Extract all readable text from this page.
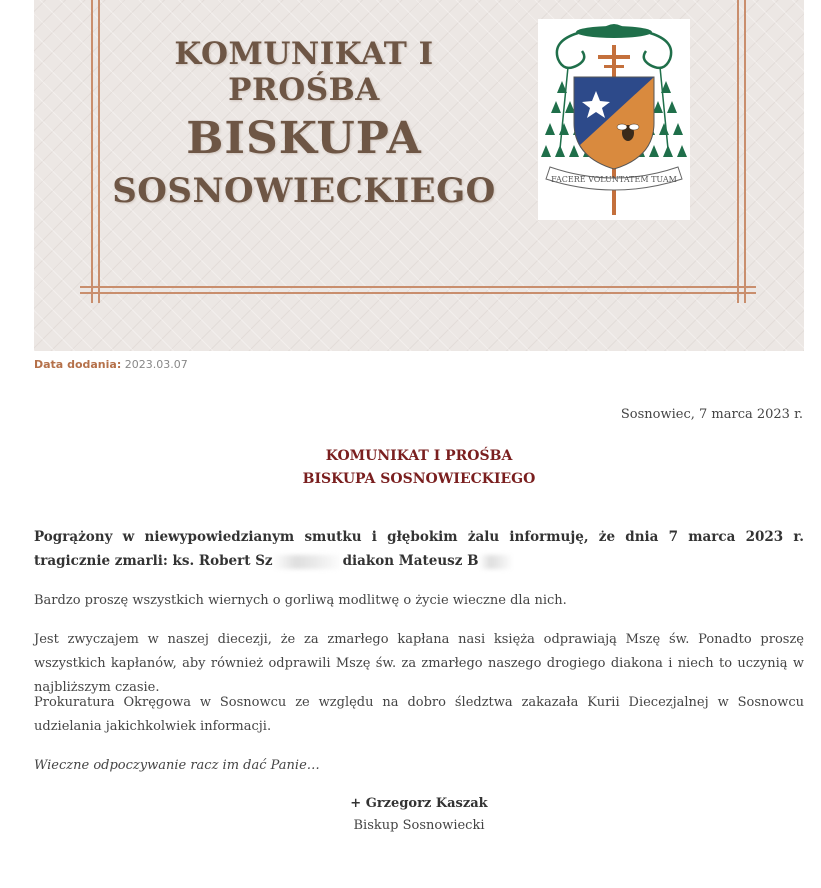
KOMUNIKAT I PROŚBA
BISKUPA
SOSNOWIECKIEGO	FACERE VOLUNTATEM TUAM
Data dodania: 2023.03.07
Sosnowiec, 7 marca 2023 r.
KOMUNIKAT I PROŚBA
BISKUPA SOSNOWIECKIEGO

Pogrążony w niewypowiedzianym smutku i głębokim żalu informuję, że dnia 7 marca 2023 r. tragicznie zmarli: ks. Robert Sz	diakon Mateusz B

Bardzo proszę wszystkich wiernych o gorliwą modlitwę o życie wieczne dla nich.

Jest zwyczajem w naszej diecezji, że za zmarłego kapłana nasi księża odprawiają Mszę św. Ponadto proszę wszystkich kapłanów, aby również odprawili Mszę św. za zmarłego naszego drogiego diakona i niech to uczynią w najbliższym czasie.

Prokuratura Okręgowa w Sosnowcu ze względu na dobro śledztwa zakazała Kurii Diecezjalnej w Sosnowcu udzielania jakichkolwiek informacji.

Wieczne odpoczywanie racz im dać Panie…

+ Grzegorz Kaszak
Biskup Sosnowiecki
